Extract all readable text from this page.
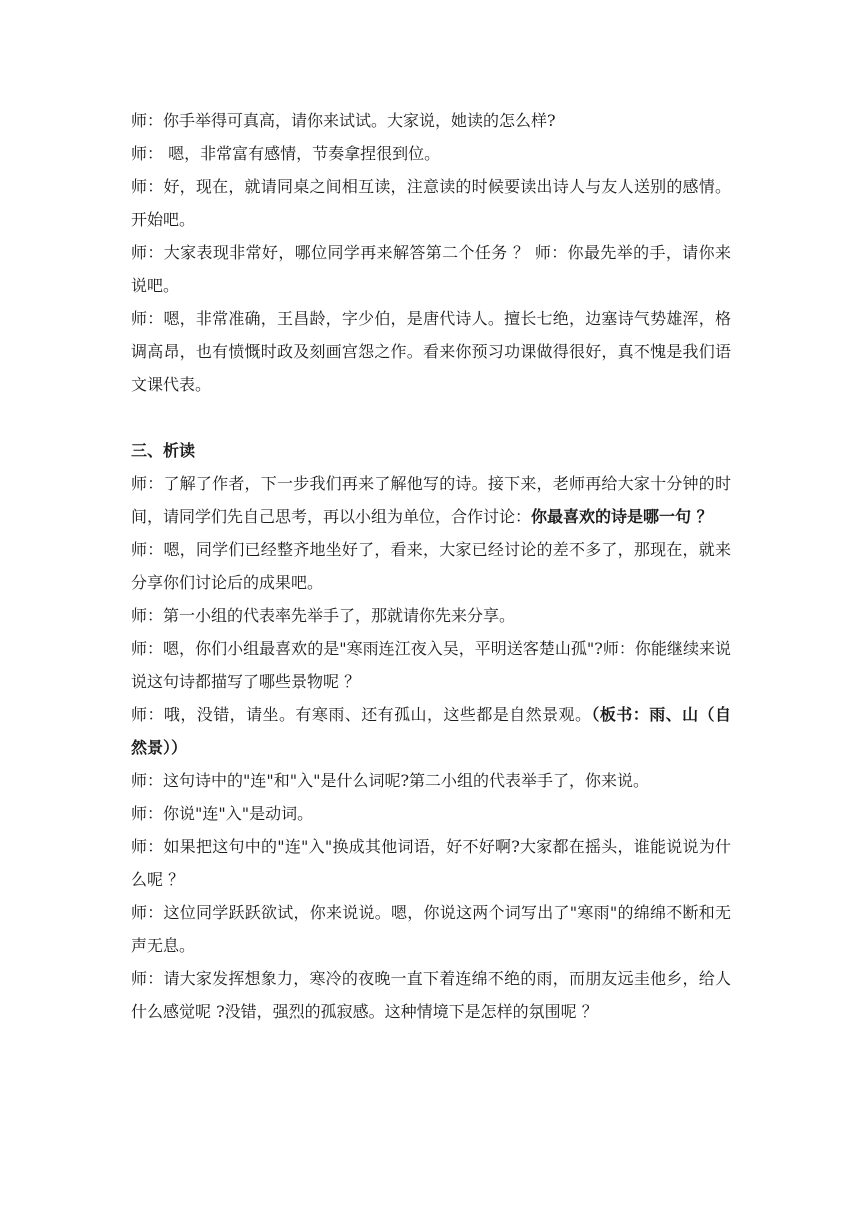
师：你手举得可真高，请你来试试。大家说，她读的怎么样?

师： 嗯，非常富有感情，节奏拿捏很到位。

师：好，现在，就请同桌之间相互读，注意读的时候要读出诗人与友人送别的感情。开始吧。

师：大家表现非常好，哪位同学再来解答第二个任务 ？ 师：你最先举的手，请你来说吧。

师：嗯，非常准确，王昌龄，字少伯，是唐代诗人。擅长七绝，边塞诗气势雄浑，格调高昂，也有愤慨时政及刻画宫怨之作。看来你预习功课做得很好，真不愧是我们语文课代表。

三、析读

师：了解了作者，下一步我们再来了解他写的诗。接下来，老师再给大家十分钟的时间，请同学们先自己思考，再以小组为单位，合作讨论：你最喜欢的诗是哪一句 ？

师：嗯，同学们已经整齐地坐好了，看来，大家已经讨论的差不多了，那现在，就来分享你们讨论后的成果吧。

师：第一小组的代表率先举手了，那就请你先来分享。

师：嗯，你们小组最喜欢的是"寒雨连江夜入吴，平明送客楚山孤"?师：你能继续来说说这句诗都描写了哪些景物呢 ？

师：哦，没错，请坐。有寒雨、还有孤山，这些都是自然景观。（板书：雨、山（自然景））

师：这句诗中的"连"和"入"是什么词呢?第二小组的代表举手了，你来说。

师：你说"连"入"是动词。

师：如果把这句中的"连"入"换成其他词语，好不好啊?大家都在摇头，谁能说说为什么呢 ？

师：这位同学跃跃欲试，你来说说。嗯，你说这两个词写出了"寒雨"的绵绵不断和无声无息。

师：请大家发挥想象力，寒冷的夜晚一直下着连绵不绝的雨，而朋友远圭他乡，给人什么感觉呢 ?没错，强烈的孤寂感。这种情境下是怎样的氛围呢 ？
